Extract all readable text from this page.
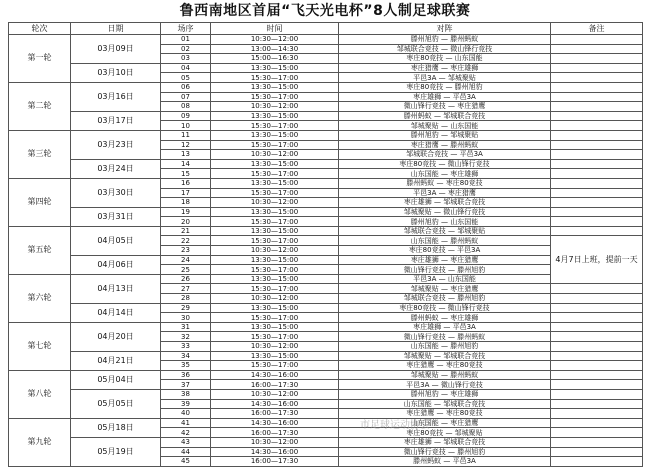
鲁西南地区首届“飞天光电杯”8人制足球联赛
轮次	日期	场序	时间	对阵	备注
第一轮	03月09日	01	10:30—12:00	滕州旭豹 — 滕州蚂蚁	
		02	13:00—14:30	邹城联合竞技 — 微山锋行竞技	
		03	15:00—16:30	枣庄80竞技 — 山东国能	
	03月10日	04	13:30—15:00	枣庄猎鹰 — 枣庄雄狮	
		05	15:30—17:00	平邑3A — 邹城聚贴	
第二轮	03月16日	06	13:30—15:00	枣庄80竞技 — 滕州旭豹	
		07	15:30—17:00	枣庄雄狮 — 平邑3A	
		08	10:30—12:00	微山锋行竞技 — 枣庄猎鹰	
	03月17日	09	13:30—15:00	滕州蚂蚁 — 邹城联合竞技	
		10	15:30—17:00	邹城聚贴 — 山东国能	
第三轮	03月23日	11	13:30—15:00	滕州旭豹 — 邹城聚贴	
		12	15:30—17:00	枣庄猎鹰 — 滕州蚂蚁	
		13	10:30—12:00	邹城联合竞技 — 平邑3A	
	03月24日	14	13:30—15:00	枣庄80竞技 — 微山锋行竞技	
		15	15:30—17:00	山东国能 — 枣庄雄狮	
第四轮	03月30日	16	13:30—15:00	滕州蚂蚁 — 枣庄80竞技	
		17	15:30—17:00	平邑3A — 枣庄猎鹰	
		18	10:30—12:00	枣庄雄狮 — 邹城联合竞技	
	03月31日	19	13:30—15:00	邹城聚贴 — 微山锋行竞技	
		20	15:30—17:00	滕州旭豹 — 山东国能	
第五轮	04月05日	21	13:30—15:00	邹城联合竞技 — 邹城聚贴	
		22	15:30—17:00	山东国能 — 滕州蚂蚁	4月7日上班，提前一天
		23	10:30—12:00	枣庄80竞技 — 平邑3A	
	04月06日	24	13:30—15:00	枣庄雄狮 — 枣庄猎鹰	
		25	15:30—17:00	微山锋行竞技 — 滕州旭豹	
第六轮	04月13日	26	13:30—15:00	平邑3A — 山东国能	
		27	15:30—17:00	邹城聚贴 — 枣庄猎鹰	
		28	10:30—12:00	邹城联合竞技 — 滕州旭豹	
	04月14日	29	13:30—15:00	枣庄80竞技 — 微山锋行竞技	
		30	15:30—17:00	滕州蚂蚁 — 枣庄雄狮	
第七轮	04月20日	31	13:30—15:00	枣庄雄狮 — 平邑3A	
		32	15:30—17:00	微山锋行竞技 — 滕州蚂蚁	
		33	10:30—12:00	山东国能 — 滕州旭豹	
	04月21日	34	13:30—15:00	邹城聚贴 — 邹城联合竞技	
		35	15:30—17:00	枣庄猎鹰 — 枣庄80竞技	
第八轮	05月04日	36	14:30—16:00	邹城聚贴 — 滕州蚂蚁	
		37	16:00—17:30	平邑3A — 微山锋行竞技	
	05月05日	38	10:30—12:00	滕州旭豹 — 枣庄雄狮	
		39	14:30—16:00	山东国能 — 邹城联合竞技	
		40	16:00—17:30	枣庄猎鹰 — 枣庄80竞技	
第九轮	05月18日	41	14:30—16:00	山东国能 — 枣庄猎鹰	
		42	16:00—17:30	枣庄80竞技 — 邹城聚贴	
	05月19日	43	10:30—12:00	枣庄雄狮 — 邹城联合竞技	
		44	14:30—16:00	微山锋行竞技 — 滕州旭豹	
		45	16:00—17:30	滕州蚂蚁 — 平邑3A	
市足球运动协会
